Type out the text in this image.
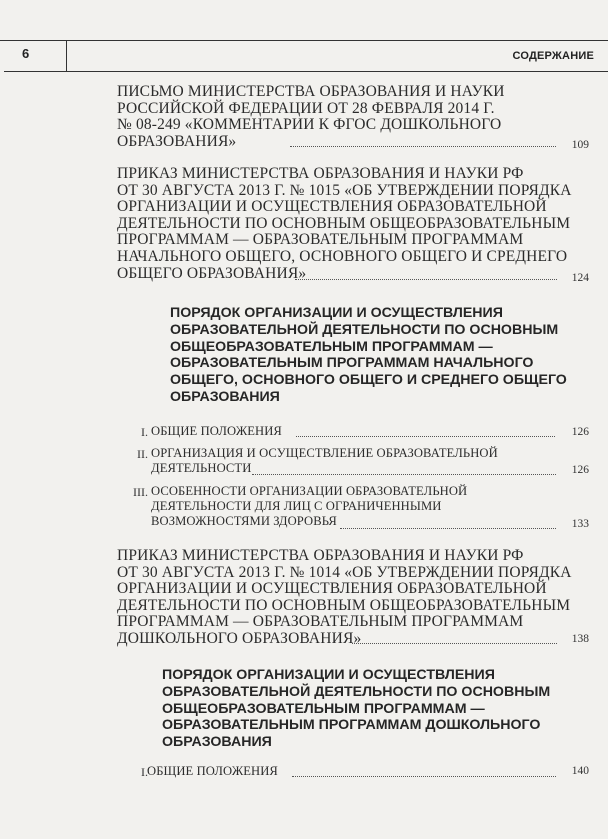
6	СОДЕРЖАНИЕ
ПИСЬМО МИНИСТЕРСТВА ОБРАЗОВАНИЯ И НАУКИ
РОССИЙСКОЙ ФЕДЕРАЦИИ ОТ 28 ФЕВРАЛЯ 2014 Г.
№ 08-249 «КОММЕНТАРИИ К ФГОС ДОШКОЛЬНОГО
ОБРАЗОВАНИЯ»	109
ПРИКАЗ МИНИСТЕРСТВА ОБРАЗОВАНИЯ И НАУКИ РФ
ОТ 30 АВГУСТА 2013 Г. № 1015 «ОБ УТВЕРЖДЕНИИ ПОРЯДКА
ОРГАНИЗАЦИИ И ОСУЩЕСТВЛЕНИЯ ОБРАЗОВАТЕЛЬНОЙ
ДЕЯТЕЛЬНОСТИ ПО ОСНОВНЫМ ОБЩЕОБРАЗОВАТЕЛЬНЫМ
ПРОГРАММАМ — ОБРАЗОВАТЕЛЬНЫМ ПРОГРАММАМ
НАЧАЛЬНОГО ОБЩЕГО, ОСНОВНОГО ОБЩЕГО И СРЕДНЕГО
ОБЩЕГО ОБРАЗОВАНИЯ»	124
ПОРЯДОК ОРГАНИЗАЦИИ И ОСУЩЕСТВЛЕНИЯ
ОБРАЗОВАТЕЛЬНОЙ ДЕЯТЕЛЬНОСТИ ПО ОСНОВНЫМ
ОБЩЕОБРАЗОВАТЕЛЬНЫМ ПРОГРАММАМ —
ОБРАЗОВАТЕЛЬНЫМ ПРОГРАММАМ НАЧАЛЬНОГО
ОБЩЕГО, ОСНОВНОГО ОБЩЕГО И СРЕДНЕГО ОБЩЕГО
ОБРАЗОВАНИЯ
I. ОБЩИЕ ПОЛОЖЕНИЯ	126
II. ОРГАНИЗАЦИЯ И ОСУЩЕСТВЛЕНИЕ ОБРАЗОВАТЕЛЬНОЙ
ДЕЯТЕЛЬНОСТИ	126
III. ОСОБЕННОСТИ ОРГАНИЗАЦИИ ОБРАЗОВАТЕЛЬНОЙ
ДЕЯТЕЛЬНОСТИ ДЛЯ ЛИЦ С ОГРАНИЧЕННЫМИ
ВОЗМОЖНОСТЯМИ ЗДОРОВЬЯ	133
ПРИКАЗ МИНИСТЕРСТВА ОБРАЗОВАНИЯ И НАУКИ РФ
ОТ 30 АВГУСТА 2013 Г. № 1014 «ОБ УТВЕРЖДЕНИИ ПОРЯДКА
ОРГАНИЗАЦИИ И ОСУЩЕСТВЛЕНИЯ ОБРАЗОВАТЕЛЬНОЙ
ДЕЯТЕЛЬНОСТИ ПО ОСНОВНЫМ ОБЩЕОБРАЗОВАТЕЛЬНЫМ
ПРОГРАММАМ — ОБРАЗОВАТЕЛЬНЫМ ПРОГРАММАМ
ДОШКОЛЬНОГО ОБРАЗОВАНИЯ»	138
ПОРЯДОК ОРГАНИЗАЦИИ И ОСУЩЕСТВЛЕНИЯ
ОБРАЗОВАТЕЛЬНОЙ ДЕЯТЕЛЬНОСТИ ПО ОСНОВНЫМ
ОБЩЕОБРАЗОВАТЕЛЬНЫМ ПРОГРАММАМ —
ОБРАЗОВАТЕЛЬНЫМ ПРОГРАММАМ ДОШКОЛЬНОГО
ОБРАЗОВАНИЯ
I. ОБЩИЕ ПОЛОЖЕНИЯ	140
